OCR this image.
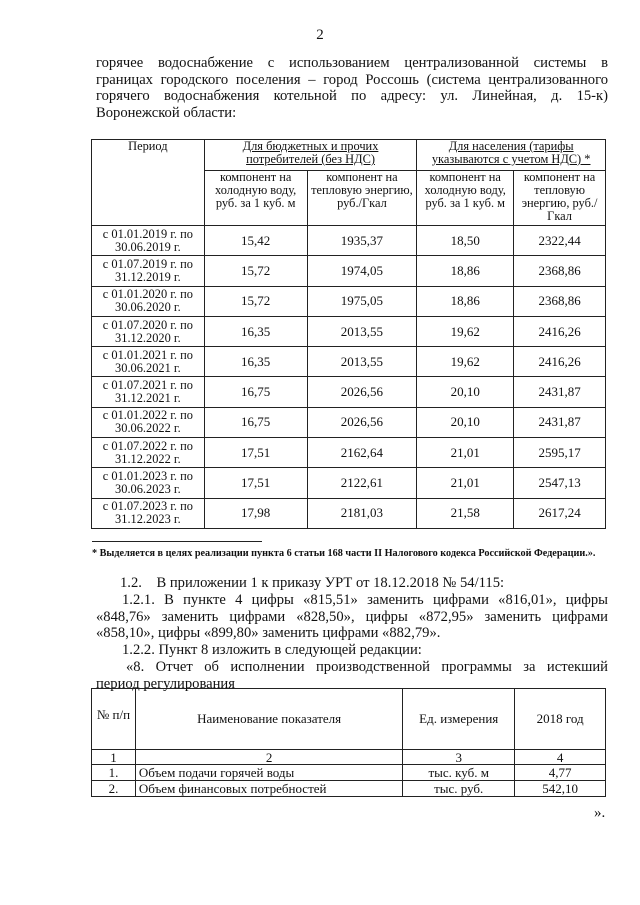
2
горячее водоснабжение с использованием централизованной системы в
границах городского поселения – город Россошь (система централизованного
горячего водоснабжения котельной по адресу: ул. Линейная, д. 15-к)
Воронежской области:
Период	Для бюджетных и прочих потребителей (без НДС)		Для населения (тарифы указываются с учетом НДС) *	
	компонент на холодную воду, руб. за 1 куб. м	компонент на тепловую энергию, руб./Гкал	компонент на холодную воду, руб. за 1 куб. м	компонент на тепловую энергию, руб./Гкал
с 01.01.2019 г. по
30.06.2019 г.	15,42	1935,37	18,50	2322,44
с 01.07.2019 г. по
31.12.2019 г.	15,72	1974,05	18,86	2368,86
с 01.01.2020 г. по
30.06.2020 г.	15,72	1975,05	18,86	2368,86
с 01.07.2020 г. по
31.12.2020 г.	16,35	2013,55	19,62	2416,26
с 01.01.2021 г. по
30.06.2021 г.	16,35	2013,55	19,62	2416,26
с 01.07.2021 г. по
31.12.2021 г.	16,75	2026,56	20,10	2431,87
с 01.01.2022 г. по
30.06.2022 г.	16,75	2026,56	20,10	2431,87
с 01.07.2022 г. по
31.12.2022 г.	17,51	2162,64	21,01	2595,17
с 01.01.2023 г. по
30.06.2023 г.	17,51	2122,61	21,01	2547,13
с 01.07.2023 г. по
31.12.2023 г.	17,98	2181,03	21,58	2617,24
* Выделяется в целях реализации пункта 6 статьи 168 части II Налогового кодекса Российской Федерации.».
1.2.    В приложении 1 к приказу УРТ от 18.12.2018 № 54/115:
1.2.1. В пункте 4 цифры «815,51» заменить цифрами «816,01», цифры
«848,76» заменить цифрами «828,50», цифры «872,95» заменить цифрами
«858,10», цифры «899,80» заменить цифрами «882,79».
1.2.2. Пункт 8 изложить в следующей редакции:
«8. Отчет об исполнении производственной программы за истекший
период регулирования
№ п/п	Наименование показателя	Ед. измерения	2018 год
1	2	3	4
1.	Объем подачи горячей воды	тыс. куб. м	4,77
2.	Объем финансовых потребностей	тыс. руб.	542,10
».
